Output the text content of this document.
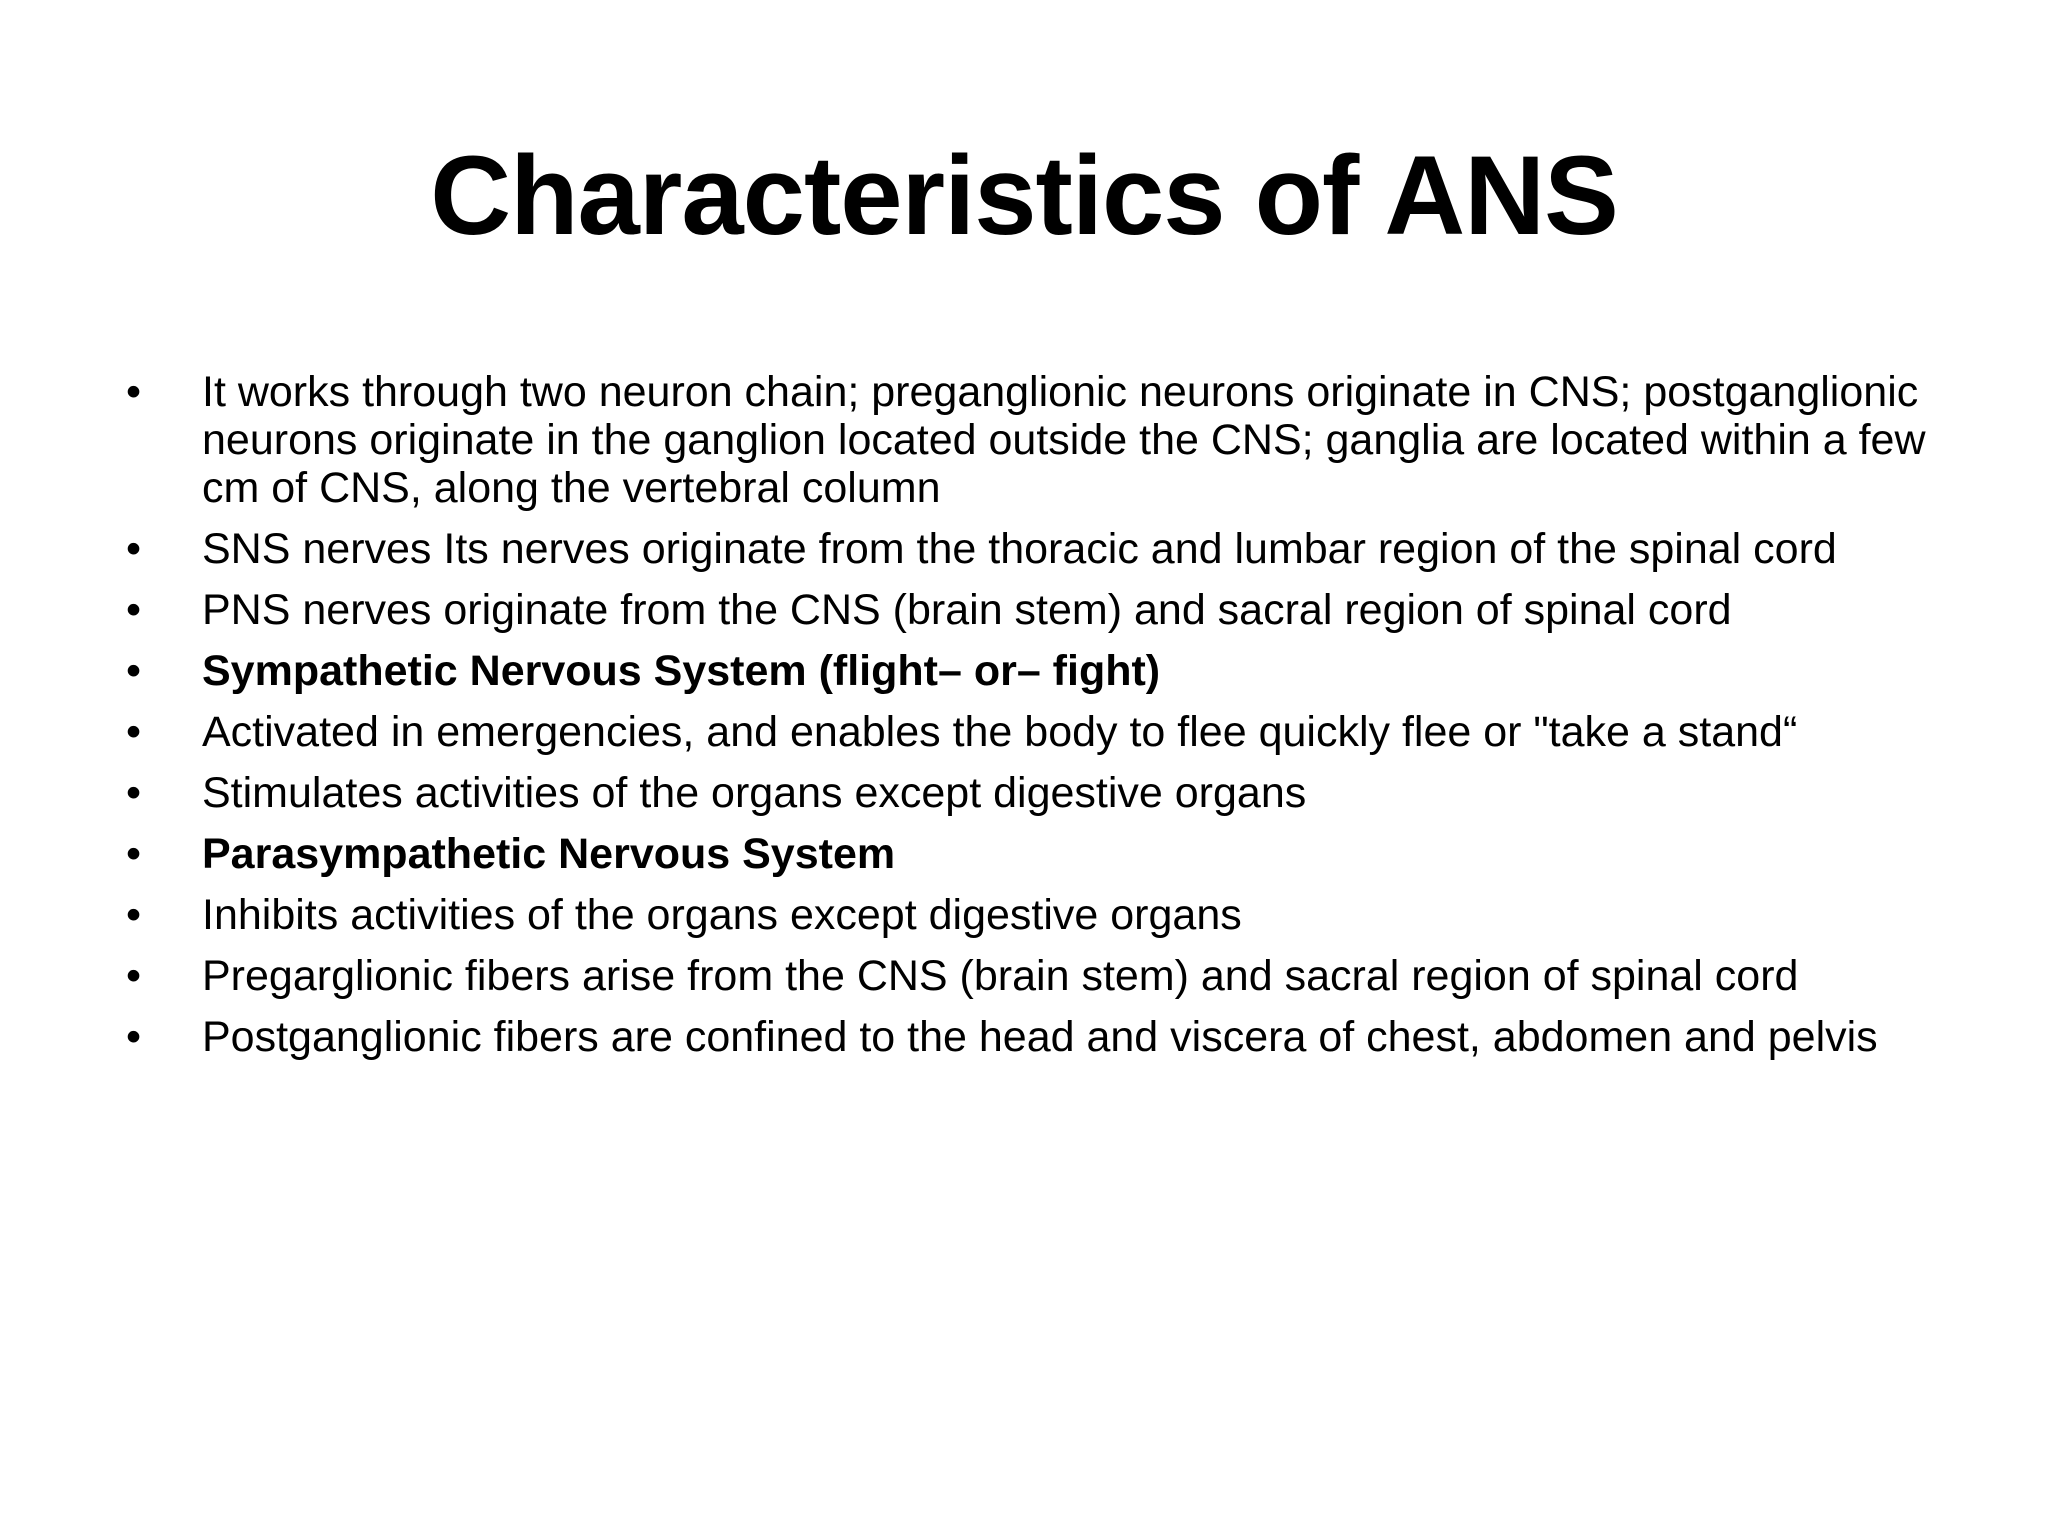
Characteristics of ANS
• It works through two neuron chain; preganglionic neurons originate in CNS; postganglionic neurons originate in the ganglion located outside the CNS; ganglia are located within a few cm of CNS, along the vertebral column
• SNS nerves Its nerves originate from the thoracic and lumbar region of the spinal cord
• PNS nerves originate from the CNS (brain stem) and sacral region of spinal cord
• Sympathetic Nervous System (flight– or– fight)
• Activated in emergencies, and enables the body to flee quickly flee or "take a stand“
• Stimulates activities of the organs except digestive organs
• Parasympathetic Nervous System
• Inhibits activities of the organs except digestive organs
• Pregarglionic fibers arise from the CNS (brain stem) and sacral region of spinal cord
• Postganglionic fibers are confined to the head and viscera of chest, abdomen and pelvis
